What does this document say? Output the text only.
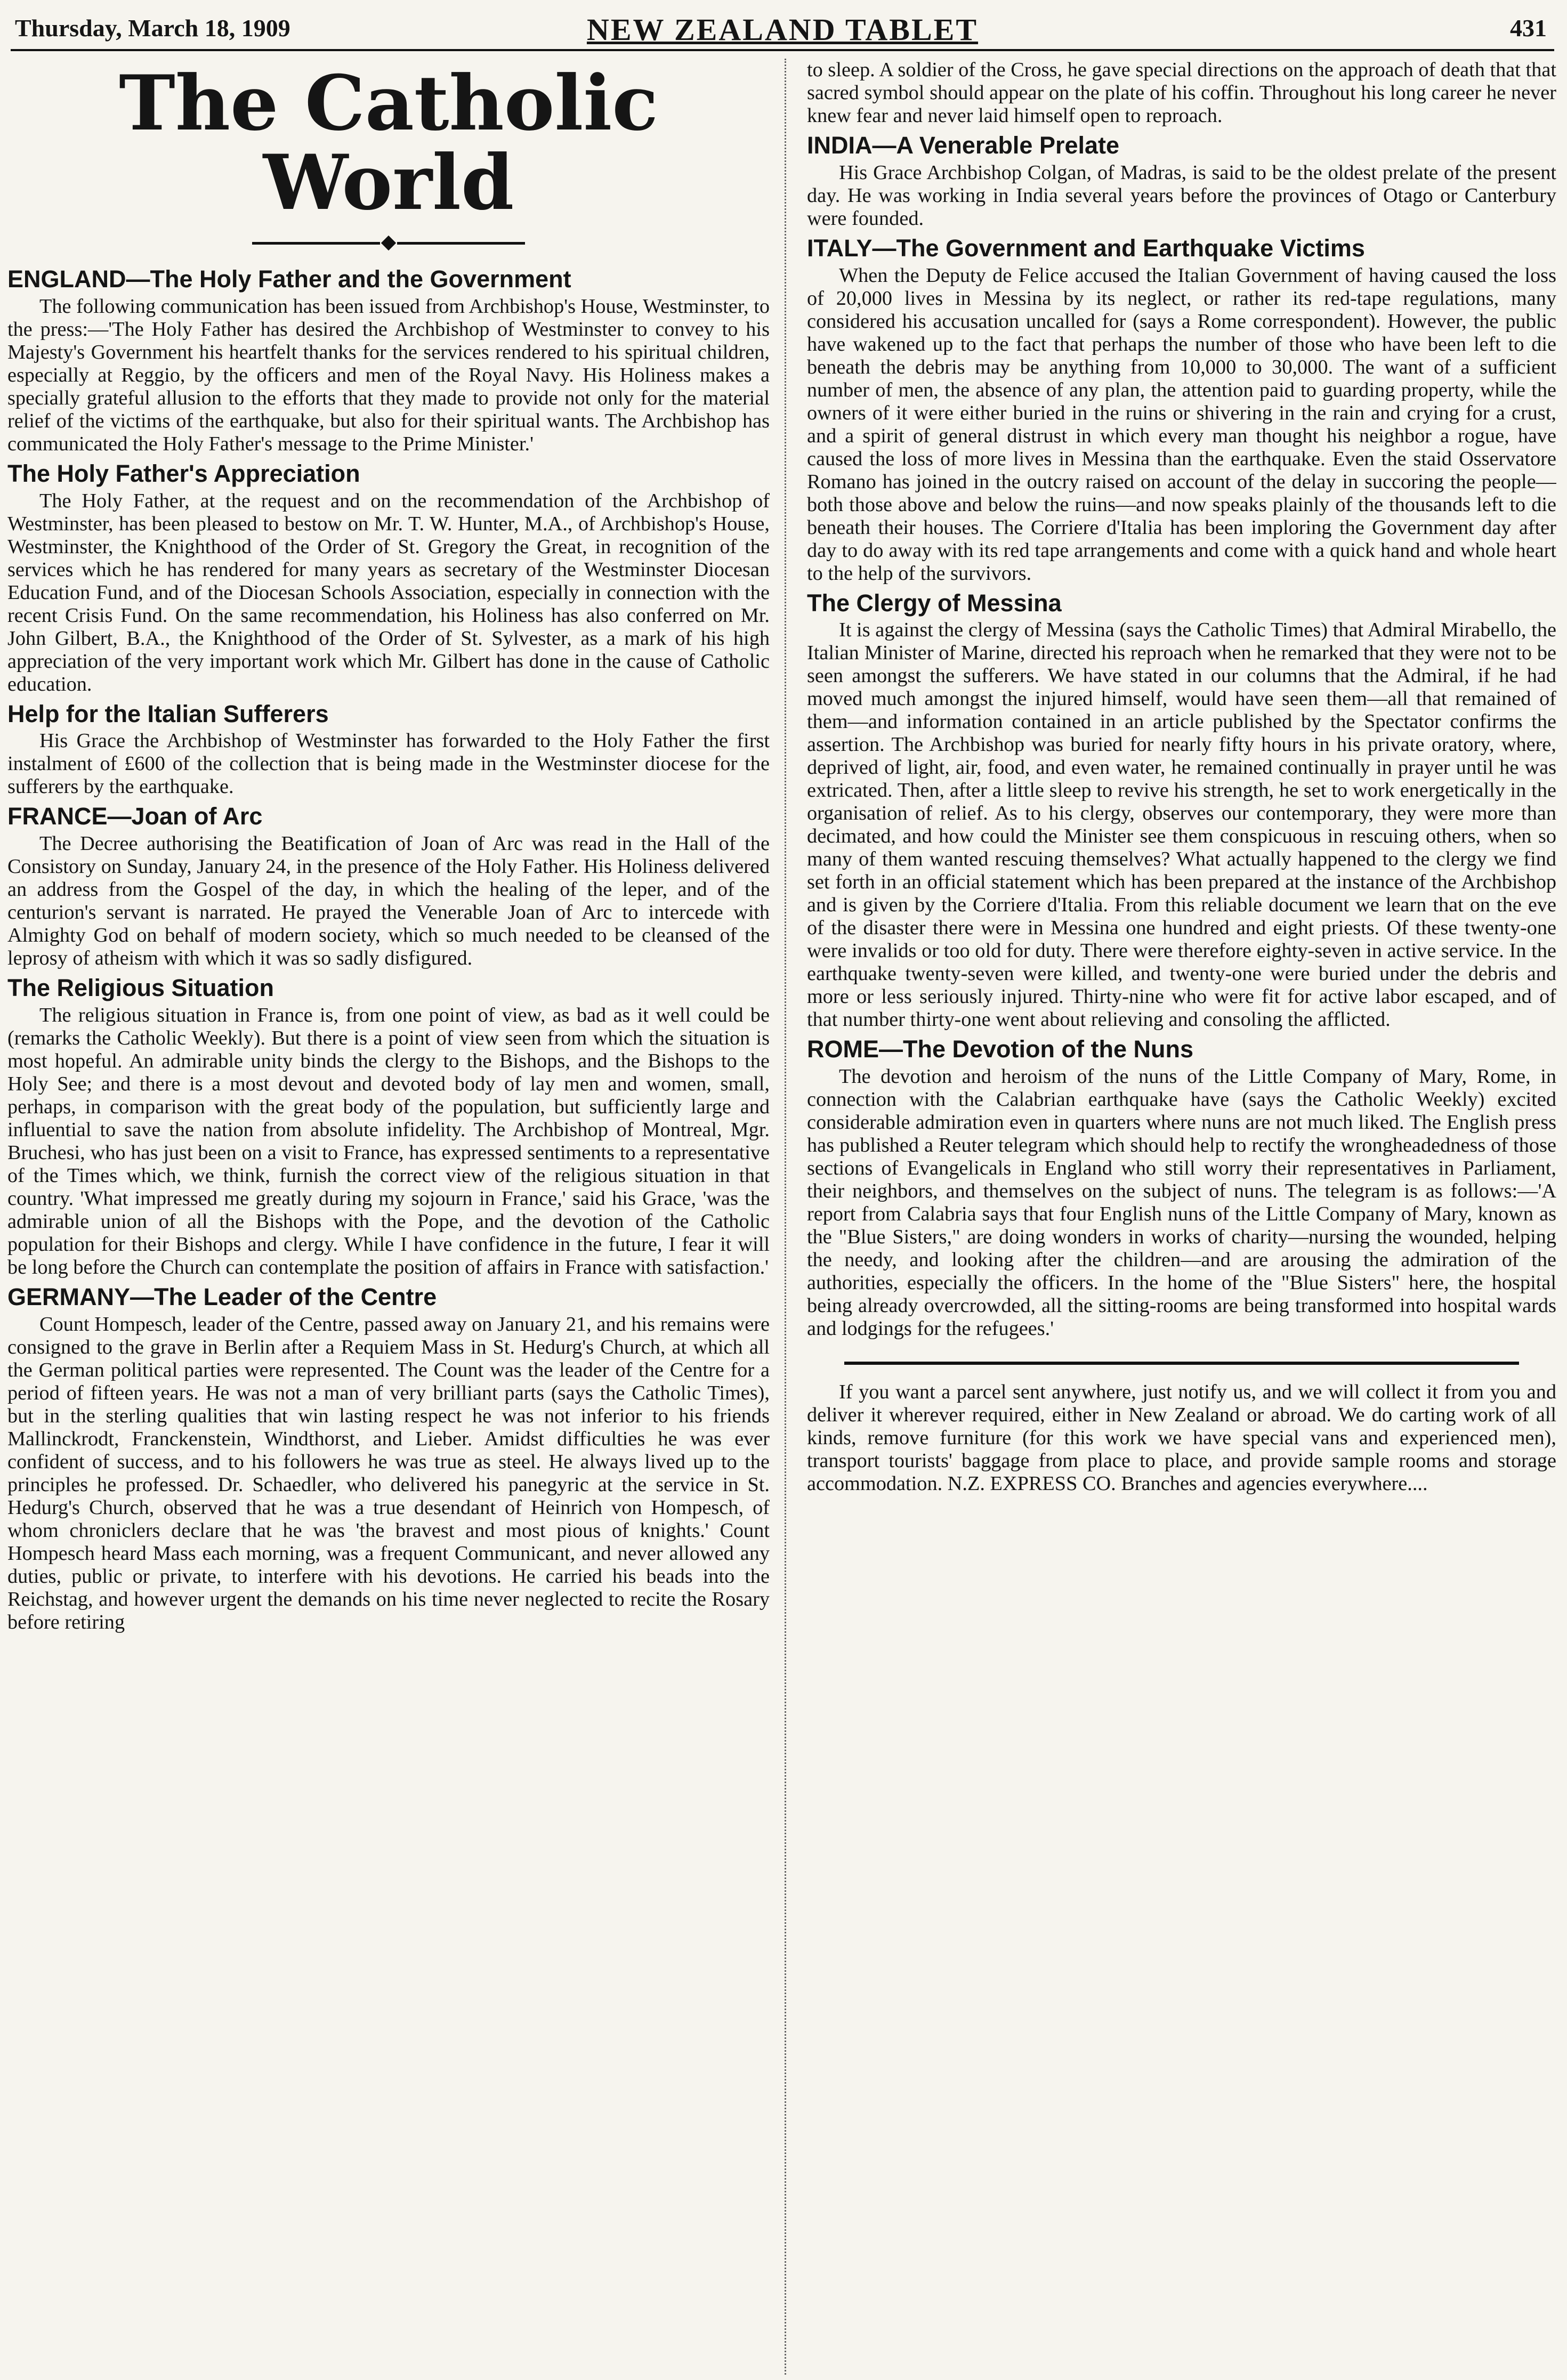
Thursday, March 18, 1909	NEW ZEALAND TABLET	431
The Catholic World
ENGLAND—The Holy Father and the Government

The following communication has been issued from Archbishop's House, Westminster, to the press:—'The Holy Father has desired the Archbishop of Westminster to convey to his Majesty's Government his heartfelt thanks for the services rendered to his spiritual children, especially at Reggio, by the officers and men of the Royal Navy. His Holiness makes a specially grateful allusion to the efforts that they made to provide not only for the material relief of the victims of the earthquake, but also for their spiritual wants. The Archbishop has communicated the Holy Father's message to the Prime Minister.'

The Holy Father's Appreciation

The Holy Father, at the request and on the recommendation of the Archbishop of Westminster, has been pleased to bestow on Mr. T. W. Hunter, M.A., of Archbishop's House, Westminster, the Knighthood of the Order of St. Gregory the Great, in recognition of the services which he has rendered for many years as secretary of the Westminster Diocesan Education Fund, and of the Diocesan Schools Association, especially in connection with the recent Crisis Fund. On the same recommendation, his Holiness has also conferred on Mr. John Gilbert, B.A., the Knighthood of the Order of St. Sylvester, as a mark of his high appreciation of the very important work which Mr. Gilbert has done in the cause of Catholic education.

Help for the Italian Sufferers

His Grace the Archbishop of Westminster has forwarded to the Holy Father the first instalment of £600 of the collection that is being made in the Westminster diocese for the sufferers by the earthquake.

FRANCE—Joan of Arc

The Decree authorising the Beatification of Joan of Arc was read in the Hall of the Consistory on Sunday, January 24, in the presence of the Holy Father. His Holiness delivered an address from the Gospel of the day, in which the healing of the leper, and of the centurion's servant is narrated. He prayed the Venerable Joan of Arc to intercede with Almighty God on behalf of modern society, which so much needed to be cleansed of the leprosy of atheism with which it was so sadly disfigured.

The Religious Situation

The religious situation in France is, from one point of view, as bad as it well could be (remarks the Catholic Weekly). But there is a point of view seen from which the situation is most hopeful. An admirable unity binds the clergy to the Bishops, and the Bishops to the Holy See; and there is a most devout and devoted body of lay men and women, small, perhaps, in comparison with the great body of the population, but sufficiently large and influential to save the nation from absolute infidelity. The Archbishop of Montreal, Mgr. Bruchesi, who has just been on a visit to France, has expressed sentiments to a representative of the Times which, we think, furnish the correct view of the religious situation in that country. 'What impressed me greatly during my sojourn in France,' said his Grace, 'was the admirable union of all the Bishops with the Pope, and the devotion of the Catholic population for their Bishops and clergy. While I have confidence in the future, I fear it will be long before the Church can contemplate the position of affairs in France with satisfaction.'

GERMANY—The Leader of the Centre

Count Hompesch, leader of the Centre, passed away on January 21, and his remains were consigned to the grave in Berlin after a Requiem Mass in St. Hedurg's Church, at which all the German political parties were represented. The Count was the leader of the Centre for a period of fifteen years. He was not a man of very brilliant parts (says the Catholic Times), but in the sterling qualities that win lasting respect he was not inferior to his friends Mallinckrodt, Franckenstein, Windthorst, and Lieber. Amidst difficulties he was ever confident of success, and to his followers he was true as steel. He always lived up to the principles he professed. Dr. Schaedler, who delivered his panegyric at the service in St. Hedurg's Church, observed that he was a true desendant of Heinrich von Hompesch, of whom chroniclers declare that he was 'the bravest and most pious of knights.' Count Hompesch heard Mass each morning, was a frequent Communicant, and never allowed any duties, public or private, to interfere with his devotions. He carried his beads into the Reichstag, and however urgent the demands on his time never neglected to recite the Rosary before retiring

to sleep. A soldier of the Cross, he gave special directions on the approach of death that that sacred symbol should appear on the plate of his coffin. Throughout his long career he never knew fear and never laid himself open to reproach.

INDIA—A Venerable Prelate

His Grace Archbishop Colgan, of Madras, is said to be the oldest prelate of the present day. He was working in India several years before the provinces of Otago or Canterbury were founded.

ITALY—The Government and Earthquake Victims

When the Deputy de Felice accused the Italian Government of having caused the loss of 20,000 lives in Messina by its neglect, or rather its red-tape regulations, many considered his accusation uncalled for (says a Rome correspondent). However, the public have wakened up to the fact that perhaps the number of those who have been left to die beneath the debris may be anything from 10,000 to 30,000. The want of a sufficient number of men, the absence of any plan, the attention paid to guarding property, while the owners of it were either buried in the ruins or shivering in the rain and crying for a crust, and a spirit of general distrust in which every man thought his neighbor a rogue, have caused the loss of more lives in Messina than the earthquake. Even the staid Osservatore Romano has joined in the outcry raised on account of the delay in succoring the people—both those above and below the ruins—and now speaks plainly of the thousands left to die beneath their houses. The Corriere d'Italia has been imploring the Government day after day to do away with its red tape arrangements and come with a quick hand and whole heart to the help of the survivors.

The Clergy of Messina

It is against the clergy of Messina (says the Catholic Times) that Admiral Mirabello, the Italian Minister of Marine, directed his reproach when he remarked that they were not to be seen amongst the sufferers. We have stated in our columns that the Admiral, if he had moved much amongst the injured himself, would have seen them—all that remained of them—and information contained in an article published by the Spectator confirms the assertion. The Archbishop was buried for nearly fifty hours in his private oratory, where, deprived of light, air, food, and even water, he remained continually in prayer until he was extricated. Then, after a little sleep to revive his strength, he set to work energetically in the organisation of relief. As to his clergy, observes our contemporary, they were more than decimated, and how could the Minister see them conspicuous in rescuing others, when so many of them wanted rescuing themselves? What actually happened to the clergy we find set forth in an official statement which has been prepared at the instance of the Archbishop and is given by the Corriere d'Italia. From this reliable document we learn that on the eve of the disaster there were in Messina one hundred and eight priests. Of these twenty-one were invalids or too old for duty. There were therefore eighty-seven in active service. In the earthquake twenty-seven were killed, and twenty-one were buried under the debris and more or less seriously injured. Thirty-nine who were fit for active labor escaped, and of that number thirty-one went about relieving and consoling the afflicted.

ROME—The Devotion of the Nuns

The devotion and heroism of the nuns of the Little Company of Mary, Rome, in connection with the Calabrian earthquake have (says the Catholic Weekly) excited considerable admiration even in quarters where nuns are not much liked. The English press has published a Reuter telegram which should help to rectify the wrongheadedness of those sections of Evangelicals in England who still worry their representatives in Parliament, their neighbors, and themselves on the subject of nuns. The telegram is as follows:—'A report from Calabria says that four English nuns of the Little Company of Mary, known as the "Blue Sisters," are doing wonders in works of charity—nursing the wounded, helping the needy, and looking after the children—and are arousing the admiration of the authorities, especially the officers. In the home of the "Blue Sisters" here, the hospital being already overcrowded, all the sitting-rooms are being transformed into hospital wards and lodgings for the refugees.'

If you want a parcel sent anywhere, just notify us, and we will collect it from you and deliver it wherever required, either in New Zealand or abroad. We do carting work of all kinds, remove furniture (for this work we have special vans and experienced men), transport tourists' baggage from place to place, and provide sample rooms and storage accommodation. N.Z. EXPRESS CO. Branches and agencies everywhere....
